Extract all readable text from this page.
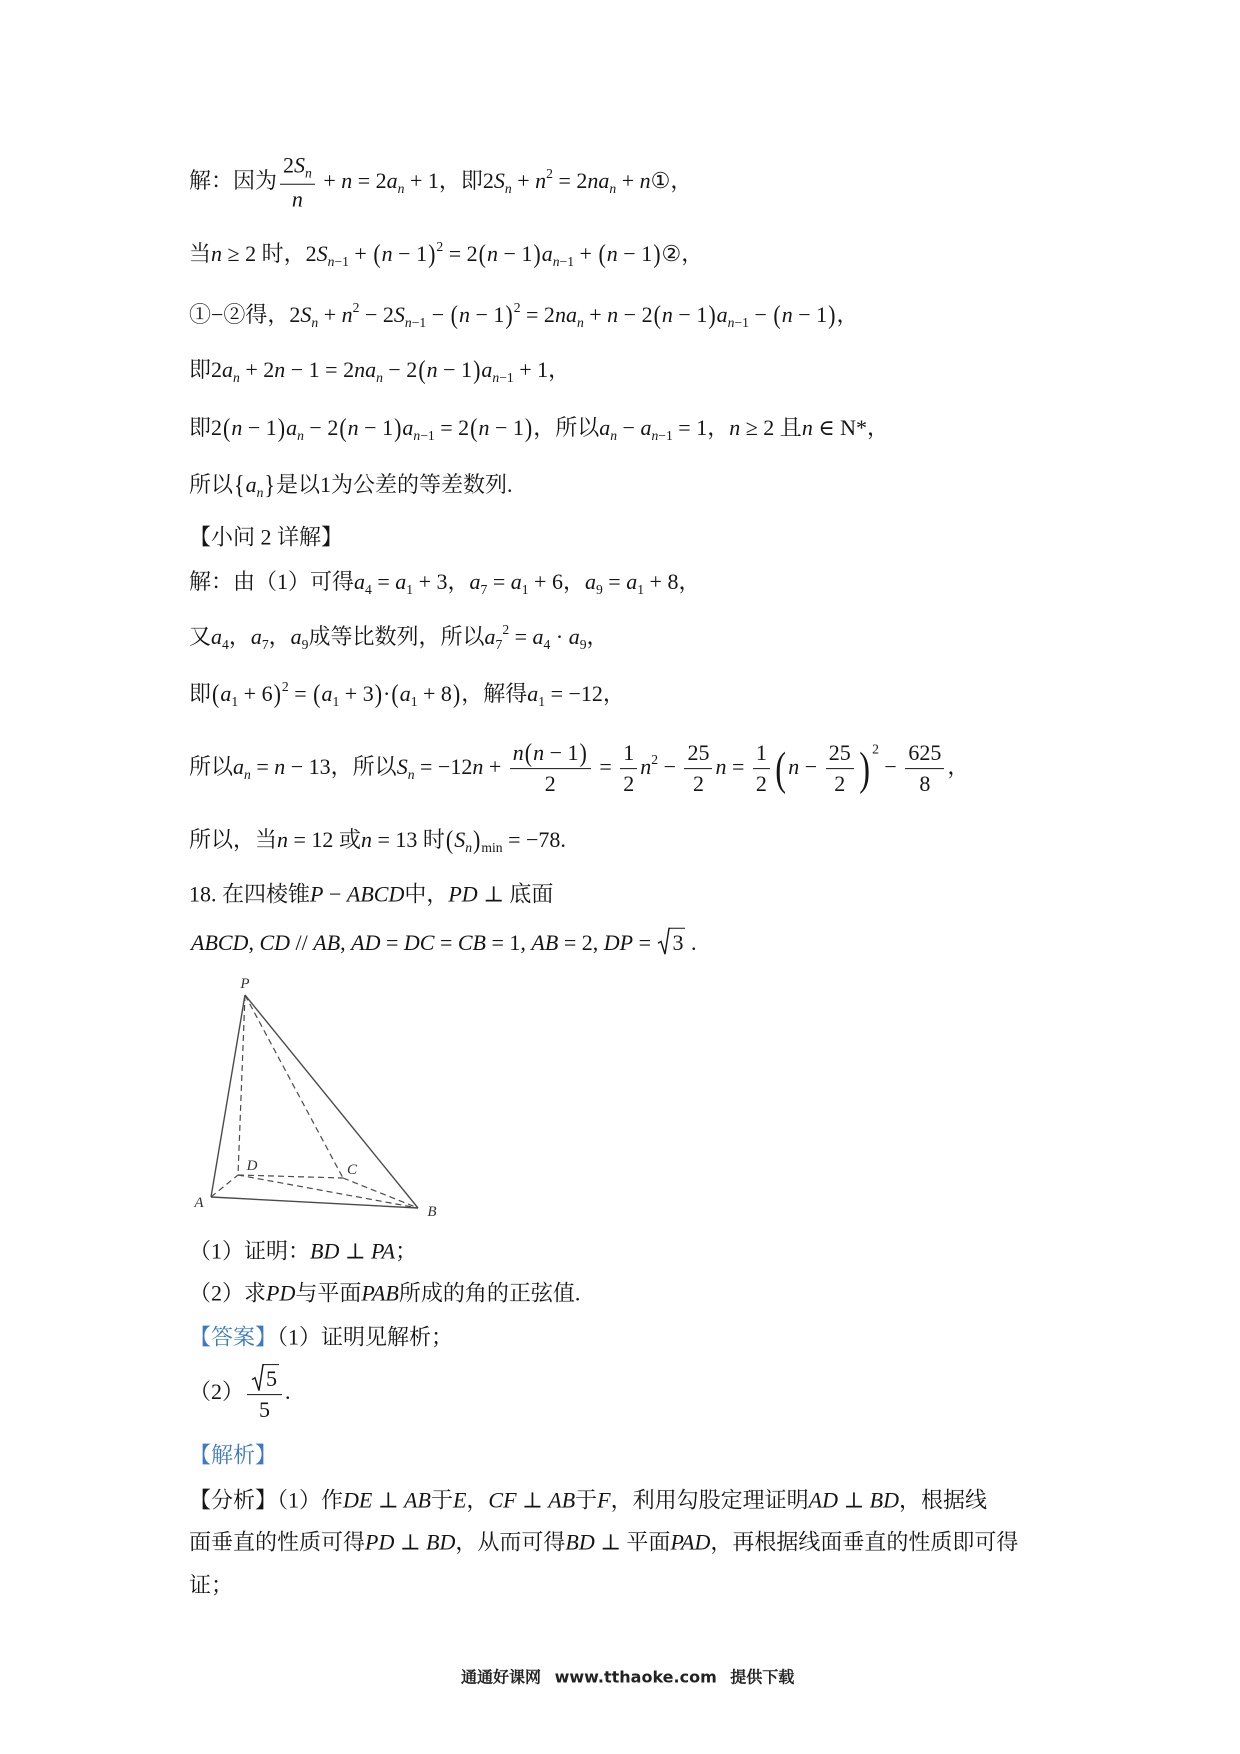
解：因为 $\frac{2S_n}{n} + n = 2a_n + 1$，即$2S_n + n^2 = 2na_n$ + n①，
当n ≥ 2 时，$2S_{n-1} + (n - 1)^2 = 2(n - 1)a_{n-1} + (n$ − 1)②，
①−②得，$2S_n + n^2 - 2S_{n-1} - (n - 1)^2 = 2na_n + n - 2(n - 1)a_{n-1} - (n - 1)$，
即$2a_n + 2n - 1 = 2na_n - 2(n - 1)a_{n-1} + 1$，
即$2(n - 1)a_n - 2(n - 1)a_{n-1} = 2(n - 1)$，所以$a_n - a_{n-1} = 1$，n ≥ 2 且n ∈ N*，
所以$\{a_n\}$是以1为公差的等差数列.
【小问 2 详解】
解：由（1）可得$a_4 = a_1 + 3$，$a_7 = a_1 + 6$，$a_9 = a_1 + 8$，
又$a_4$，$a_7$，$a_9$成等比数列，所以$a_7^2 = a_4 \cdot a_9$，
即$(a_1 + 6)^2 = (a_1 + 3)\cdot(a_1 + 8)$，解得$a_1 = -12$，
所以$a_n = n - 13$，所以$S_n = -12n + \frac{n(n - 1)}{2} = \frac{1}{2} n^2 - \frac{25}{2}$ $n = \frac{1}{2}$ ( $n - \frac{25}{2}$ ) $^2 - \frac{625}{8}$ ，
所以，当n = 12 或n = 13 时$(S_n)_{min} = -78$.
18. 在四棱锥P − ABCD中，PD ⊥ 底面
ABCD, CD // AB, AD = DC = CB = 1, AB = 2, DP =
3 .
P
D	C
A
B
（1）证明：BD ⊥ PA；
（2）求PD与平面PAB所成的角的正弦值.
【答案】（1）证明见解析；
$(2) \frac{5}{5}$ .
【解析】
【分析】（1）作DE ⊥ AB于E，CF ⊥ AB于F，利用勾股定理证明AD ⊥ BD，根据线
面垂直的性质可得PD ⊥ BD，从而可得BD ⊥ 平面PAD，再根据线面垂直的性质即可得
证；
通通好课网 www.tthaoke.com 提供下载
